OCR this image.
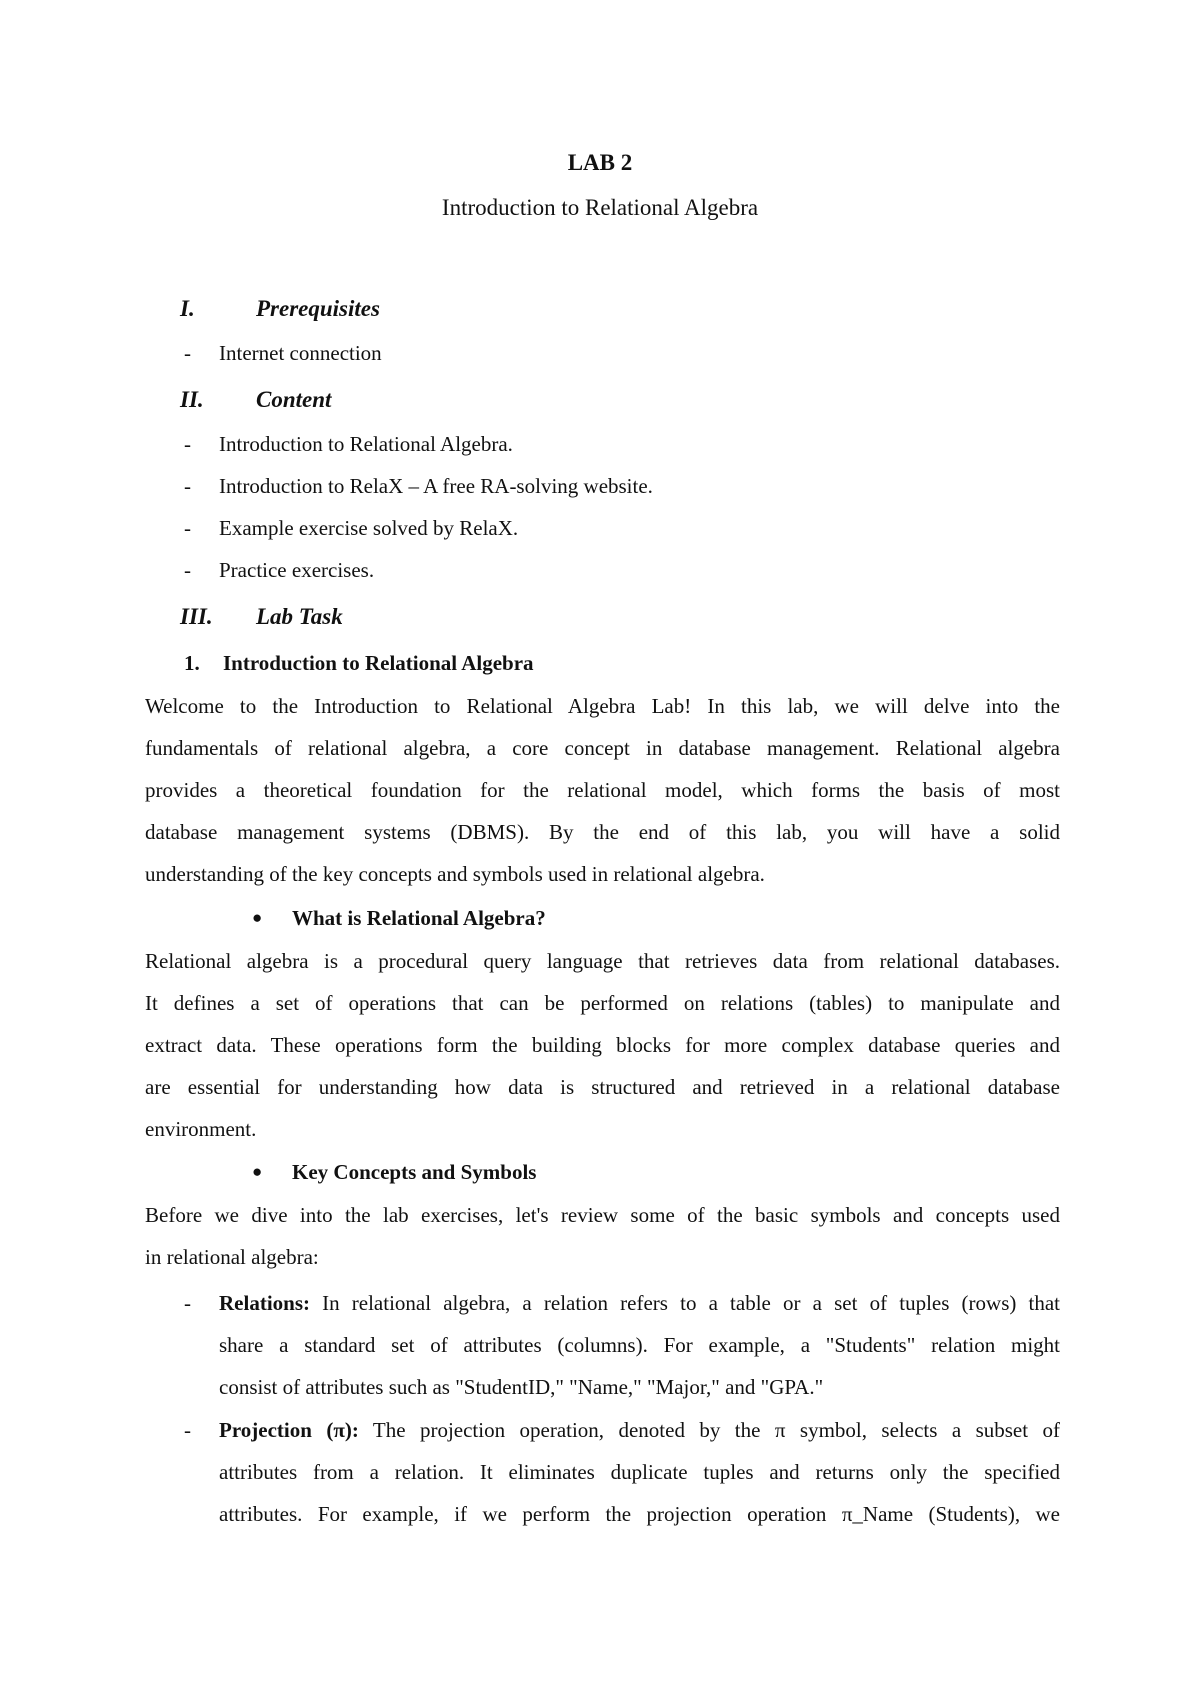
LAB 2
Introduction to Relational Algebra
I.	Prerequisites
- Internet connection
II. Content
- Introduction to Relational Algebra.
- Introduction to RelaX – A free RA-solving website.
- Example exercise solved by RelaX.
- Practice exercises.
III. Lab Task
1. Introduction to Relational Algebra
Welcome to the Introduction to Relational Algebra Lab! In this lab, we will delve into the
fundamentals of relational algebra, a core concept in database management. Relational algebra
provides a theoretical foundation for the relational model, which forms the basis of most
database management systems (DBMS). By the end of this lab, you will have a solid
understanding of the key concepts and symbols used in relational algebra.
● What is Relational Algebra?
Relational algebra is a procedural query language that retrieves data from relational databases.
It defines a set of operations that can be performed on relations (tables) to manipulate and
extract data. These operations form the building blocks for more complex database queries and
are essential for understanding how data is structured and retrieved in a relational database
environment.
● Key Concepts and Symbols
Before we dive into the lab exercises, let's review some of the basic symbols and concepts used
in relational algebra:
- Relations: In relational algebra, a relation refers to a table or a set of tuples (rows) that
share a standard set of attributes (columns). For example, a "Students" relation might
consist of attributes such as "StudentID," "Name," "Major," and "GPA."
- Projection (π): The projection operation, denoted by the π symbol, selects a subset of
attributes from a relation. It eliminates duplicate tuples and returns only the specified
attributes. For example, if we perform the projection operation π_Name (Students), we
